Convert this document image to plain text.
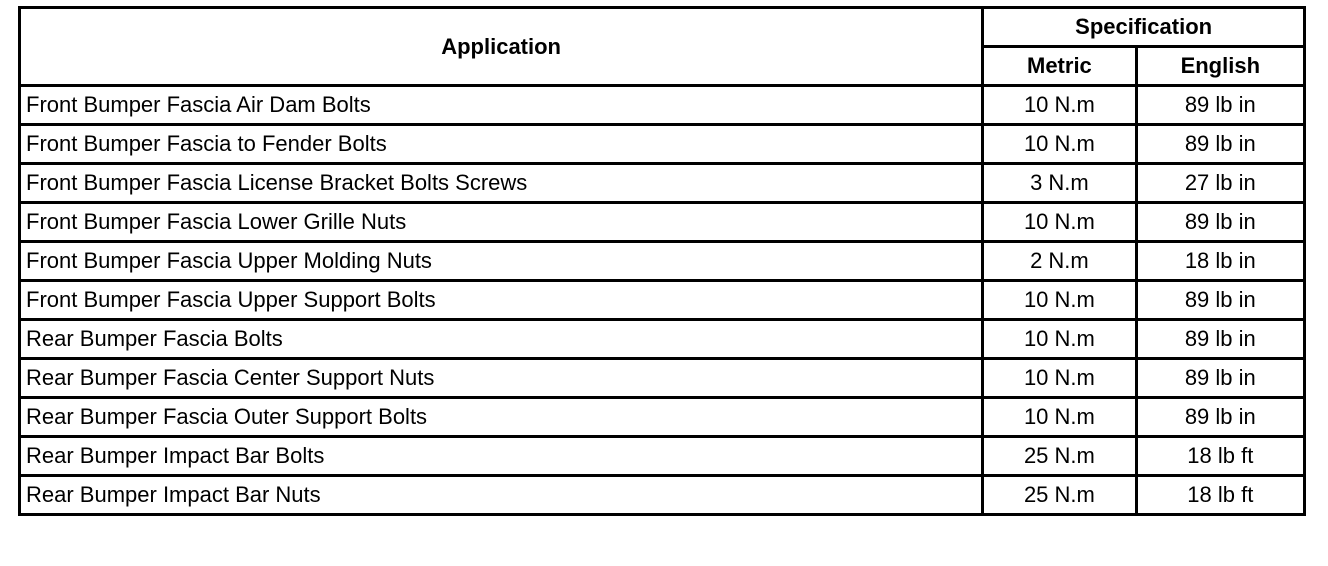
Application	Specification	
	Metric	English
Front Bumper Fascia Air Dam Bolts	10 N.m	89 lb in
Front Bumper Fascia to Fender Bolts	10 N.m	89 lb in
Front Bumper Fascia License Bracket Bolts Screws	3 N.m	27 lb in
Front Bumper Fascia Lower Grille Nuts	10 N.m	89 lb in
Front Bumper Fascia Upper Molding Nuts	2 N.m	18 lb in
Front Bumper Fascia Upper Support Bolts	10 N.m	89 lb in
Rear Bumper Fascia Bolts	10 N.m	89 lb in
Rear Bumper Fascia Center Support Nuts	10 N.m	89 lb in
Rear Bumper Fascia Outer Support Bolts	10 N.m	89 lb in
Rear Bumper Impact Bar Bolts	25 N.m	18 lb ft
Rear Bumper Impact Bar Nuts	25 N.m	18 lb ft
